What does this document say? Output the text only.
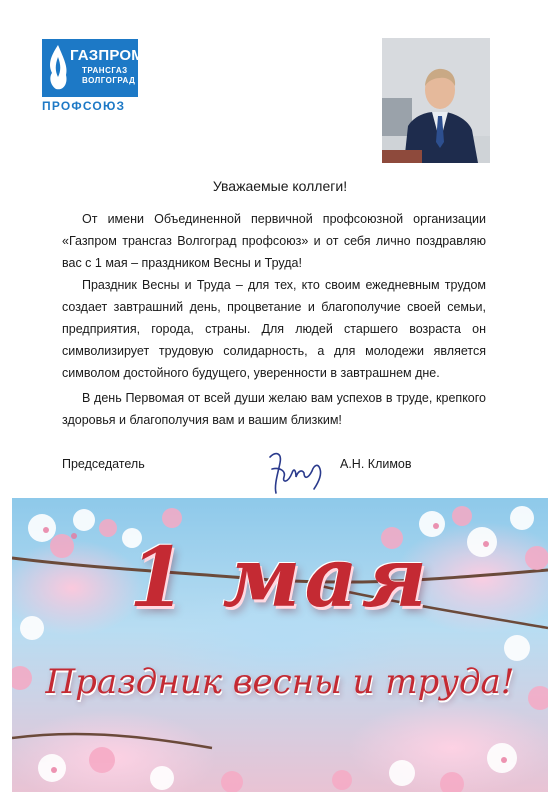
ГАЗПРОМ
ТРАНСГАЗ
ВОЛГОГРАД
ПРОФСОЮЗ
Уважаемые коллеги!

От имени Объединенной первичной профсоюзной организации «Газпром трансгаз Волгоград профсоюз» и от себя лично поздравляю вас с 1 мая – праздником Весны и Труда!

Праздник Весны и Труда – для тех, кто своим ежедневным трудом создает завтрашний день, процветание и благополучие своей семьи, предприятия, города, страны. Для людей старшего возраста он символизирует трудовую солидарность, а для молодежи является символом достойного будущего, уверенности в завтрашнем дне.

В день Первомая от всей души желаю вам успехов в труде, крепкого здоровья и благополучия вам и вашим близким!

Председатель	А.Н. Климов
1 мая
Праздник весны и труда!
